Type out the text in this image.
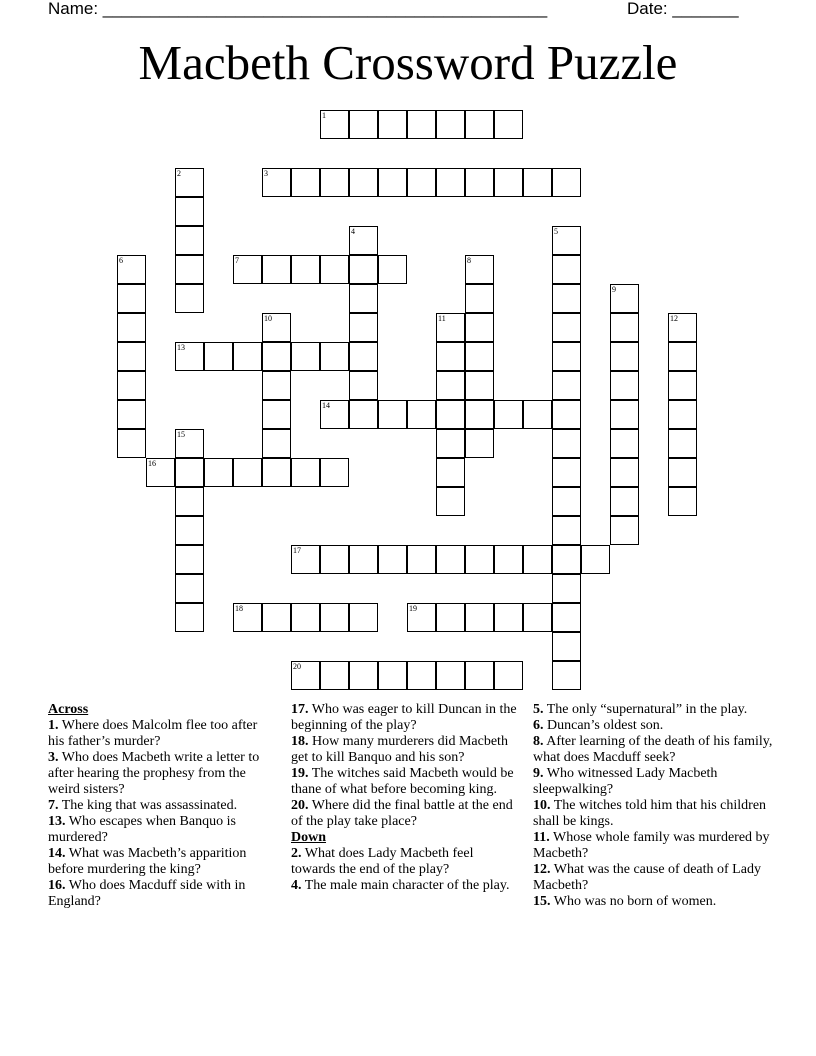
Name: _______________________________________________	Date: _______
Macbeth Crossword Puzzle
1
3
7
13
14
16
17
18	19
20
2
4	5
6	8
9
10	11	12
15

Across

1. Where does Malcolm flee too after his father’s murder?

3. Who does Macbeth write a letter to after hearing the prophesy from the weird sisters?

7. The king that was assassinated.

13. Who escapes when Banquo is murdered?

14. What was Macbeth’s apparition before murdering the king?

16. Who does Macduff side with in England?

17. Who was eager to kill Duncan in the beginning of the play?

18. How many murderers did Macbeth get to kill Banquo and his son?

19. The witches said Macbeth would be thane of what before becoming king.

20. Where did the final battle at the end of the play take place?

Down

2. What does Lady Macbeth feel towards the end of the play?

4. The male main character of the play.

5. The only “supernatural” in the play.

6. Duncan’s oldest son.

8. After learning of the death of his family, what does Macduff seek?

9. Who witnessed Lady Macbeth sleepwalking?

10. The witches told him that his children shall be kings.

11. Whose whole family was murdered by Macbeth?

12. What was the cause of death of Lady Macbeth?

15. Who was no born of women.
